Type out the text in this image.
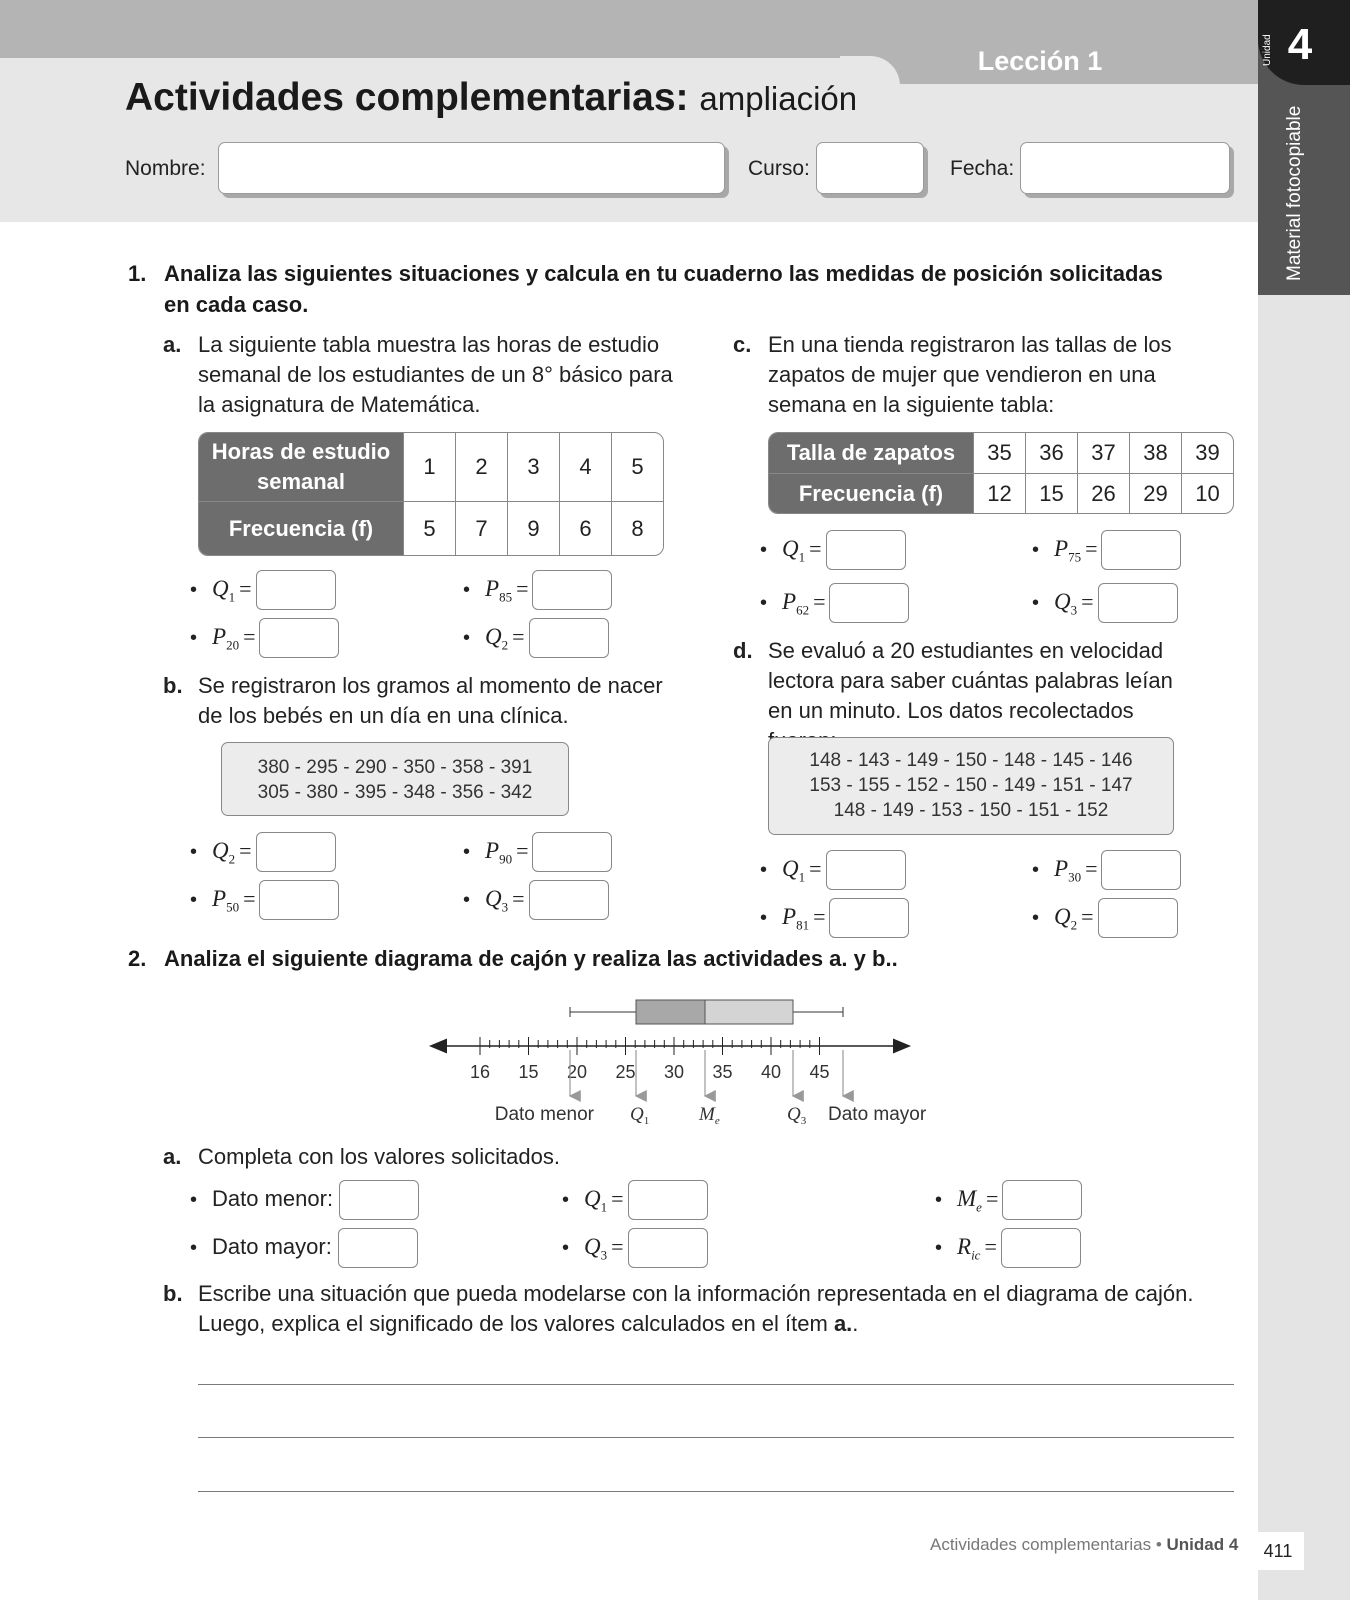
Lección 1
Actividades complementarias: ampliación
Nombre:	Curso:	Fecha:
Unidad 4
Material fotocopiable
1. Analiza las siguientes situaciones y calcula en tu cuaderno las medidas de posición solicitadas en cada caso.
a. La siguiente tabla muestra las horas de estudio semanal de los estudiantes de un 8° básico para la asignatura de Matemática.
Horas de estudio semanal	1	2	3	4	5
Frecuencia (f)	5	7	9	6	8
• $Q_1$ =	• $P_{85}$ =
• $P_{20}$ =	• $Q_2$ =
b. Se registraron los gramos al momento de nacer de los bebés en un día en una clínica.
380 - 295 - 290 - 350 - 358 - 391
305 - 380 - 395 - 348 - 356 - 342
• $Q_2$ =	• $P_{90}$ =
• $P_{50}$ =	• $Q_3$ =
c. En una tienda registraron las tallas de los zapatos de mujer que vendieron en una semana en la siguiente tabla:
Talla de zapatos	35	36	37	38	39
Frecuencia (f)	12	15	26	29	10
• $Q_1$ =	• $P_{75}$ =
• $P_{62}$ =	• $Q_3$ =
d. Se evaluó a 20 estudiantes en velocidad lectora para saber cuántas palabras leían en un minuto. Los datos recolectados
148 - 143 - 149 - 150 - 148 - 145 - 146
153 - 155 - 152 - 150 - 149 - 151 - 147
148 - 149 - 153 - 150 - 151 - 152
• $Q_1$ =	• $P_{30}$ =
• $P_{81}$ =	• $Q_2$ =
2. Analiza el siguiente diagrama de cajón y realiza las actividades a. y b..
16 15 20 25 30 35 40 45
Dato menor $Q_1$	$M_e$	$Q_3$ Dato mayor
a. Completa con los valores solicitados.
• Dato menor:
• Dato mayor:
• $Q_1$ =
• $Q_3$ =
• $M_e$ =
• $R_{ic}$ =
b. Escribe una situación que pueda modelarse con la información representada en el diagrama de cajón. Luego, explica el significado de los valores calculados en el ítem a..
Actividades complementarias • Unidad 4	411
